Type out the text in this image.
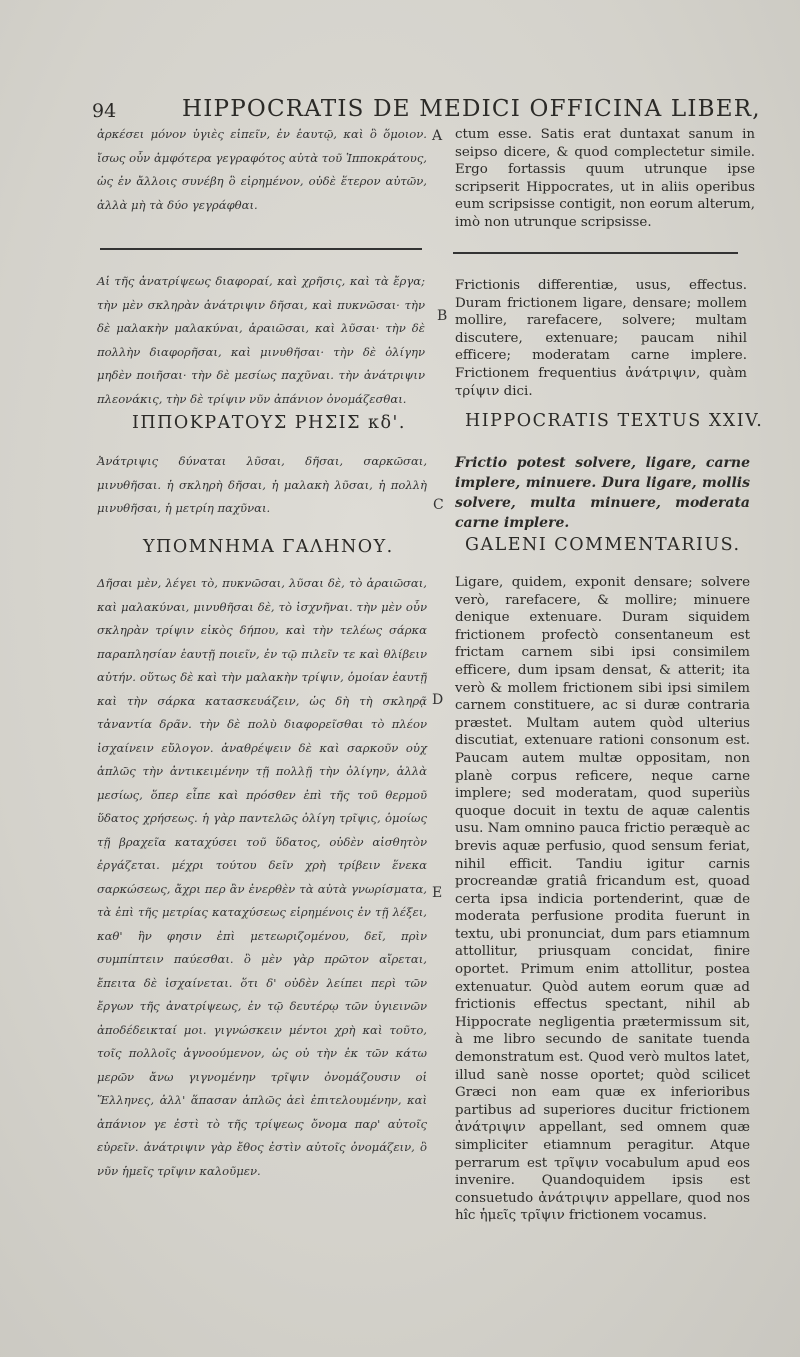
94	HIPPOCRATIS DE MEDICI OFFICINA LIBER,

ἀρκέσει μόνον ὑγιὲς εἰπεῖν, ἐν ἑαυτῷ, καὶ ὃ ὅμοιον. ἴσως οὖν ἀμφότερα γεγραφότος αὐτὰ τοῦ Ἱπποκράτους, ὡς ἐν ἄλλοις συνέβη ὃ εἰρημένον, οὐδὲ ἕτερον αὐτῶν, ἀλλὰ μὴ τὰ δύο γεγράφθαι.

ctum esse. Satis erat duntaxat sanum in seipso dicere, & quod complectetur simile. Ergo fortassis quum utrunque ipse scripserit Hippocrates, ut in aliis operibus eum scripsisse contigit, non eorum alterum, imò non utrunque scripsisse.

A

Αἱ τῆς ἀνατρίψεως διαφοραί, καὶ χρῆσις, καὶ τὰ ἔργα; τὴν μὲν σκληρὰν ἀνάτριψιν δῆσαι, καὶ πυκνῶσαι· τὴν δὲ μαλακὴν μαλακύναι, ἀραιῶσαι, καὶ λῦσαι· τὴν δὲ πολλὴν διαφορῆσαι, καὶ μινυθῆσαι· τὴν δὲ ὀλίγην μηδὲν ποιῆσαι· τὴν δὲ μεσίως παχῦναι. τὴν ἀνάτριψιν πλεονάκις, τὴν δὲ τρίψιν νῦν ἀπάνιον ὀνομάζεσθαι.

Frictionis differentiæ, usus, effectus. Duram frictionem ligare, densare; mollem mollire, rarefacere, solvere; multam discutere, extenuare; paucam nihil efficere; moderatam carne implere. Frictionem frequentius ἀνάτριψιν, quàm τρίψιν dici.

B
ΙΠΠΟΚΡΑΤΟΥΣ ΡΗΣΙΣ κδ'.	HIPPOCRATIS TEXTUS XXIV.

Ἀνάτριψις δύναται λῦσαι, δῆσαι, σαρκῶσαι, μινυθῆσαι. ἡ σκληρὴ δῆσαι, ἡ μαλακὴ λῦσαι, ἡ πολλὴ μινυθῆσαι, ἡ μετρίη παχῦναι.

Frictio potest solvere, ligare, carne implere, minuere. Dura ligare, mollis solvere, multa minuere, moderata carne implere.

C
ΥΠΟΜΝΗΜΑ ΓΑΛΗΝΟΥ.	GALENI COMMENTARIUS.

Δῆσαι μὲν, λέγει τὸ, πυκνῶσαι, λῦσαι δὲ, τὸ ἀραιῶσαι, καὶ μαλακύναι, μινυθῆσαι δὲ, τὸ ἰσχνῆναι. τὴν μὲν οὖν σκληρὰν τρίψιν εἰκὸς δήπου, καὶ τὴν τελέως σάρκα παραπλησίαν ἑαυτῇ ποιεῖν, ἐν τῷ πιλεῖν τε καὶ θλίβειν αὐτήν. οὕτως δὲ καὶ τὴν μαλακὴν τρίψιν, ὁμοίαν ἑαυτῇ καὶ τὴν σάρκα κατασκευάζειν, ὡς δὴ τὴ σκληρᾷ τἀναντία δρᾶν. τὴν δὲ πολὺ διαφορεῖσθαι τὸ πλέον ἰσχαίνειν εὔλογον. ἀναθρέψειν δὲ καὶ σαρκοῦν οὐχ ἁπλῶς τὴν ἀντικειμένην τῇ πολλῇ τὴν ὀλίγην, ἀλλὰ μεσίως, ὅπερ εἶπε καὶ πρόσθεν ἐπὶ τῆς τοῦ θερμοῦ ὕδατος χρήσεως. ἡ γὰρ παντελῶς ὀλίγη τρῖψις, ὁμοίως τῇ βραχεῖα καταχύσει τοῦ ὕδατος, οὐδὲν αἰσθητὸν ἐργάζεται. μέχρι τούτου δεῖν χρὴ τρίβειν ἕνεκα σαρκώσεως, ἄχρι περ ἂν ἐνερθὲν τὰ αὐτὰ γνωρίσματα, τὰ ἐπὶ τῆς μετρίας καταχύσεως εἰρημένοις ἐν τῇ λέξει, καθ' ἣν φησιν ἐπὶ μετεωριζομένου, δεῖ, πρὶν συμπίπτειν παύεσθαι. ὃ μὲν γὰρ πρῶτον αἴρεται, ἔπειτα δὲ ἰσχαίνεται. ὅτι δ' οὐδὲν λείπει περὶ τῶν ἔργων τῆς ἀνατρίψεως, ἐν τῷ δευτέρῳ τῶν ὑγιεινῶν ἀποδέδεικταί μοι. γιγνώσκειν μέντοι χρὴ καὶ τοῦτο, τοῖς πολλοῖς ἀγνοούμενον, ὡς οὐ τὴν ἐκ τῶν κάτω μερῶν ἄνω γιγνομένην τρῖψιν ὀνομάζουσιν οἱ Ἕλληνες, ἀλλ' ἅπασαν ἁπλῶς ἀεὶ ἐπιτελουμένην, καὶ ἀπάνιον γε ἐστὶ τὸ τῆς τρίψεως ὄνομα παρ' αὐτοῖς εὑρεῖν. ἀνάτριψιν γὰρ ἔθος ἐστὶν αὐτοῖς ὀνομάζειν, ὃ νῦν ἡμεῖς τρῖψιν καλοῦμεν.

Ligare, quidem, exponit densare; solvere verò, rarefacere, & mollire; minuere denique extenuare. Duram siquidem frictionem profectò consentaneum est frictam carnem sibi ipsi consimilem efficere, dum ipsam densat, & atterit; ita verò & mollem frictionem sibi ipsi similem carnem constituere, ac si duræ contraria præstet. Multam autem quòd ulterius discutiat, extenuare rationi consonum est. Paucam autem multæ oppositam, non planè corpus reficere, neque carne implere; sed moderatam, quod superiùs quoque docuit in textu de aquæ calentis usu. Nam omnino pauca frictio peræquè ac brevis aquæ perfusio, quod sensum feriat, nihil efficit. Tandiu igitur carnis procreandæ gratiâ fricandum est, quoad certa ipsa indicia portenderint, quæ de moderata perfusione prodita fuerunt in textu, ubi pronunciat, dum pars etiamnum attollitur, priusquam concidat, finire oportet. Primum enim attollitur, postea extenuatur. Quòd autem eorum quæ ad frictionis effectus spectant, nihil ab Hippocrate negligentia prætermissum sit, à me libro secundo de sanitate tuenda demonstratum est. Quod verò multos latet, illud sanè nosse oportet; quòd scilicet Græci non eam quæ ex inferioribus partibus ad superiores ducitur frictionem ἀνάτριψιν appellant, sed omnem quæ simpliciter etiamnum peragitur. Atque perrarum est τρῖψιν vocabulum apud eos invenire. Quandoquidem ipsis est consuetudo ἀνάτριψιν appellare, quod nos hîc ἡμεῖς τρῖψιν frictionem vocamus.

D
E
